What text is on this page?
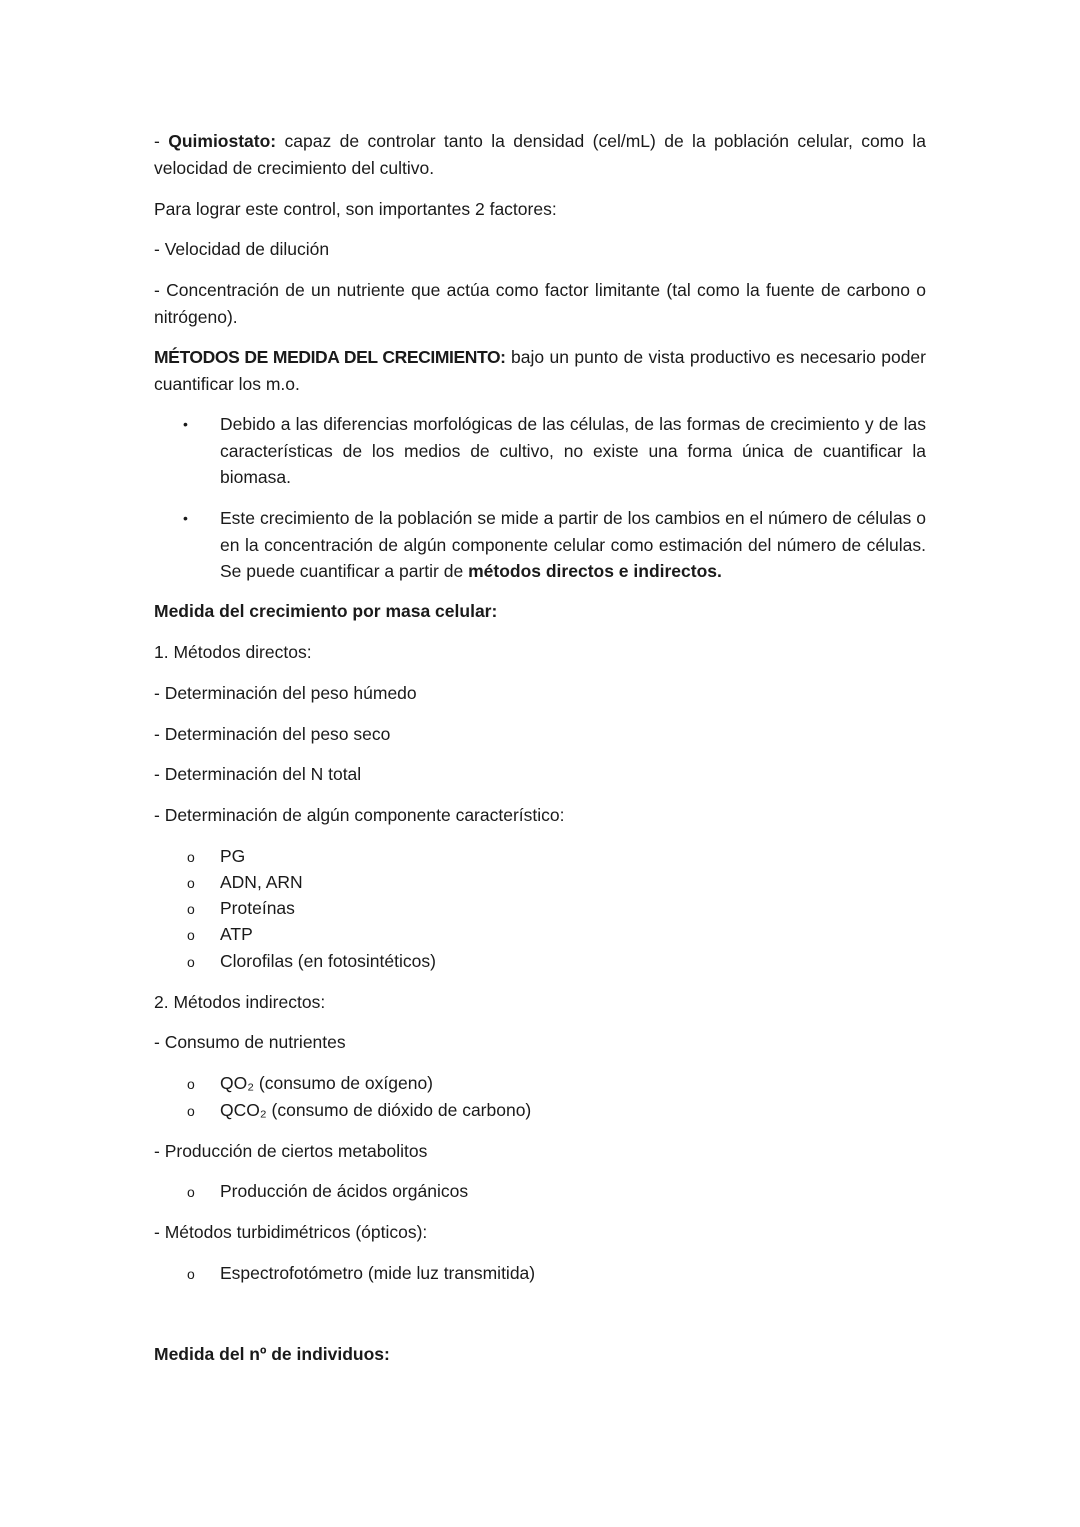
- Quimiostato: capaz de controlar tanto la densidad (cel/mL) de la población celular, como la velocidad de crecimiento del cultivo.

Para lograr este control, son importantes 2 factores:

- Velocidad de dilución

- Concentración de un nutriente que actúa como factor limitante (tal como la fuente de carbono o nitrógeno).

MÉTODOS DE MEDIDA DEL CRECIMIENTO: bajo un punto de vista productivo es necesario poder cuantificar los m.o.

• Debido a las diferencias morfológicas de las células, de las formas de crecimiento y de las características de los medios de cultivo, no existe una forma única de cuantificar la biomasa.

• Este crecimiento de la población se mide a partir de los cambios en el número de células o en la concentración de algún componente celular como estimación del número de células. Se puede cuantificar a partir de métodos directos e indirectos.

Medida del crecimiento por masa celular:

1. Métodos directos:

- Determinación del peso húmedo

- Determinación del peso seco

- Determinación del N total

- Determinación de algún componente característico:

o PG
o ADN, ARN
o Proteínas
o ATP
o Clorofilas (en fotosintéticos)

2. Métodos indirectos:

- Consumo de nutrientes

o QO₂ (consumo de oxígeno)
o QCO₂ (consumo de dióxido de carbono)

- Producción de ciertos metabolitos

o Producción de ácidos orgánicos

- Métodos turbidimétricos (ópticos):

o Espectrofotómetro (mide luz transmitida)

Medida del nº de individuos:
